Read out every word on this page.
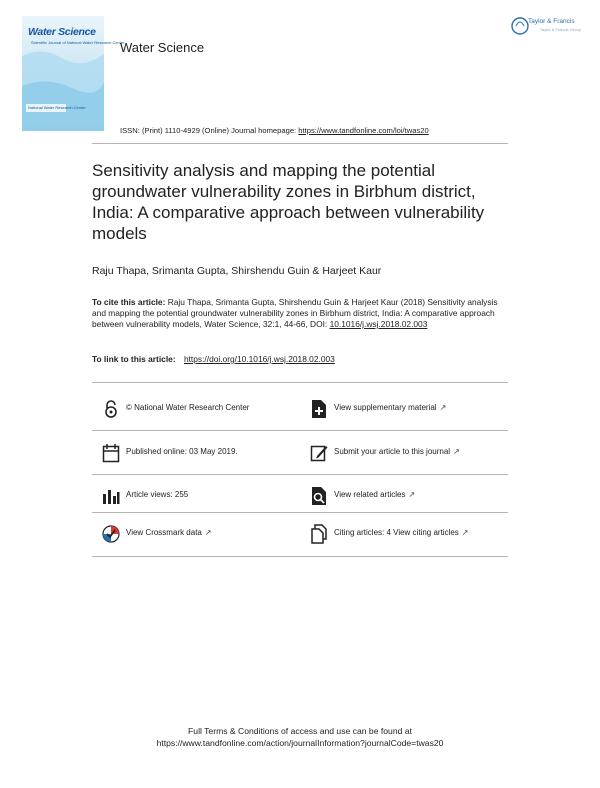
Water Science
Scientific Journal of National Water Research Center
National Water Research Center
Water Science
Taylor & Francis
Taylor & Francis Group
ISSN: (Print) 1110-4929 (Online) Journal homepage: https://www.tandfonline.com/loi/twas20
Sensitivity analysis and mapping the potential groundwater vulnerability zones in Birbhum district, India: A comparative approach between vulnerability models
Raju Thapa, Srimanta Gupta, Shirshendu Guin & Harjeet Kaur
To cite this article: Raju Thapa, Srimanta Gupta, Shirshendu Guin & Harjeet Kaur (2018) Sensitivity analysis and mapping the potential groundwater vulnerability zones in Birbhum district, India: A comparative approach between vulnerability models, Water Science, 32:1, 44-66, DOI: 10.1016/j.wsj.2018.02.003
To link to this article: https://doi.org/10.1016/j.wsj.2018.02.003
© National Water Research Center	View supplementary material ↗
Published online: 03 May 2019.	Submit your article to this journal ↗
Article views: 255	View related articles ↗
View Crossmark data ↗	Citing articles: 4 View citing articles ↗
Full Terms & Conditions of access and use can be found at
https://www.tandfonline.com/action/journalInformation?journalCode=twas20
